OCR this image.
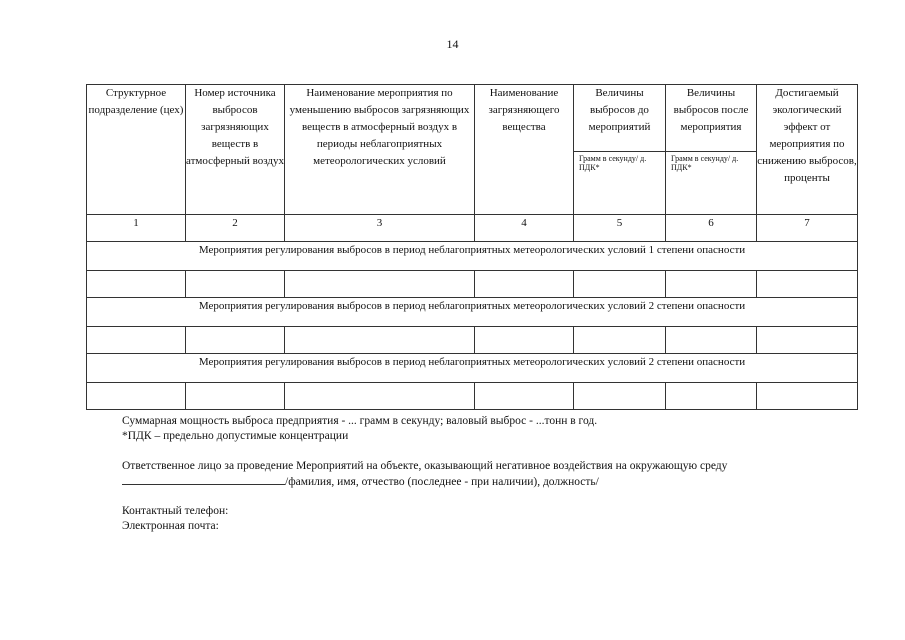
14
Структурное подразделение (цех)	Номер источника выбросов загрязняющих веществ в атмосферный воздух	Наименование мероприятия по уменьшению выбросов загрязняющих веществ в атмосферный воздух в периоды неблагоприятных метеорологических условий	Наименование загрязняющего вещества	Величины выбросов до мероприятий	Величины выбросов после мероприятия	Достигаемый экологический эффект от мероприятия по снижению выбросов, проценты
				Грамм в секунду/ д. ПДК*	Грамм в секунду/ д. ПДК*	
1	2	3	4	5	6	7
Мероприятия регулирования выбросов в период неблагоприятных метеорологических условий 1 степени опасности						

Мероприятия регулирования выбросов в период неблагоприятных метеорологических условий 2 степени опасности						

Мероприятия регулирования выбросов в период неблагоприятных метеорологических условий 2 степени опасности						

Суммарная мощность выброса предприятия - ... грамм в секунду; валовый выброс - ...тонн в год.
*ПДК – предельно допустимые концентрации
Ответственное лицо за проведение Мероприятий на объекте, оказывающий негативное воздействия на окружающую среду
/фамилия, имя, отчество (последнее - при наличии), должность/
Контактный телефон:
Электронная почта:
